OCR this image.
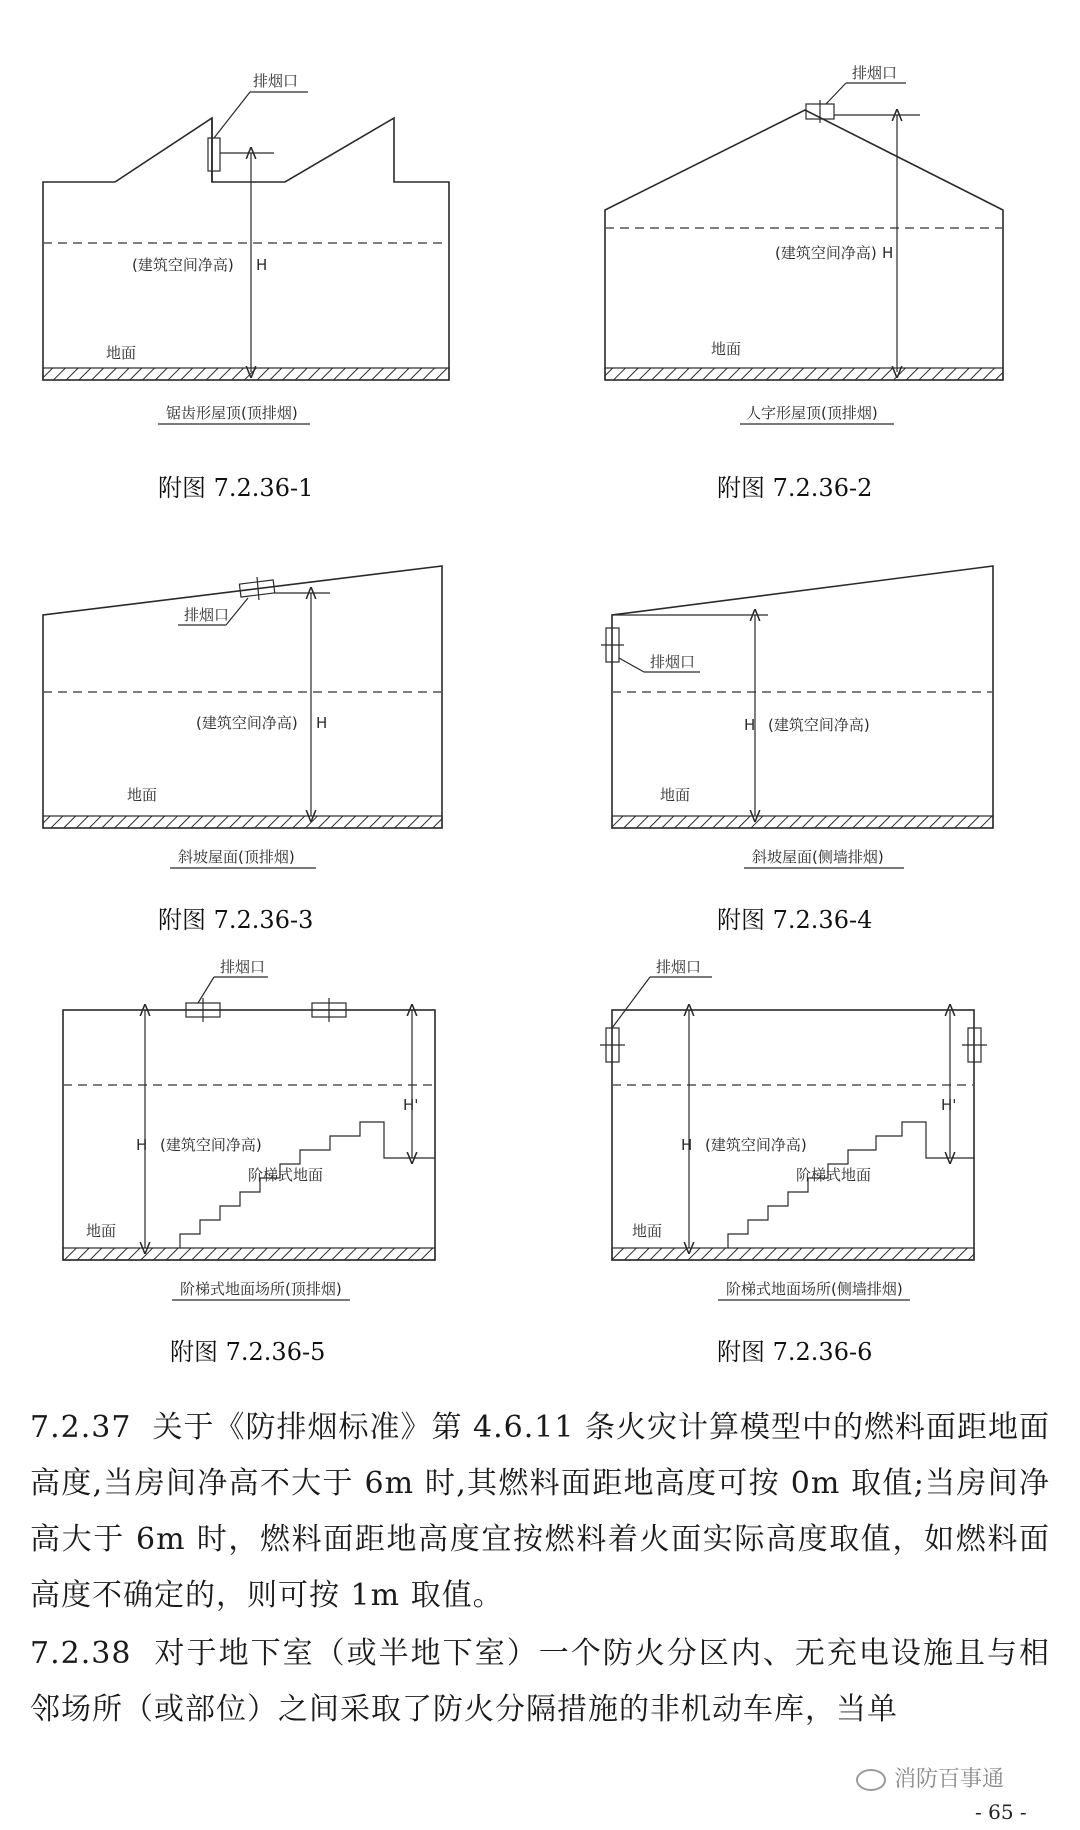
排烟口
(建筑空间净高) H
地面
锯齿形屋顶(顶排烟)
附图 7.2.36-1
排烟口
(建筑空间净高) H
地面
人字形屋顶(顶排烟)
附图 7.2.36-2
排烟口
(建筑空间净高) H
地面
斜坡屋面(顶排烟)
附图 7.2.36-3
排烟口
H (建筑空间净高)
地面
斜坡屋面(侧墙排烟)
附图 7.2.36-4
排烟口
H (建筑空间净高)
H'
阶梯式地面
地面
阶梯式地面场所(顶排烟)
附图 7.2.36-5
排烟口
H (建筑空间净高)
H'
阶梯式地面
地面
阶梯式地面场所(侧墙排烟)
附图 7.2.36-6
7.2.37  关于《防排烟标准》第 4.6.11 条火灾计算模型中的燃料面距地面高度,当房间净高不大于 6m 时,其燃料面距地高度可按 0m 取值;当房间净高大于 6m 时，燃料面距地高度宜按燃料着火面实际高度取值，如燃料面高度不确定的，则可按 1m 取值。
7.2.38  对于地下室（或半地下室）一个防火分区内、无充电设施且与相邻场所（或部位）之间采取了防火分隔措施的非机动车库，当单
消防百事通
- 65 -
